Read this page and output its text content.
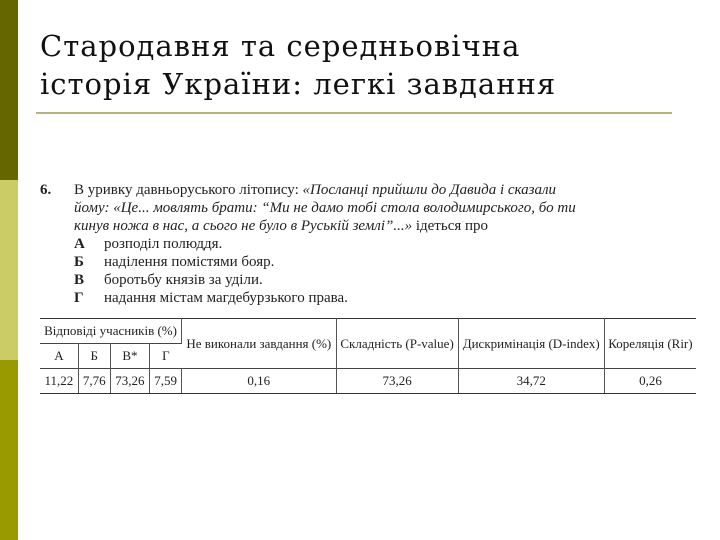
Стародавня та середньовічна
історія України: легкі завдання
6.	В уривку давньоруського літопису: «Посланці прийшли до Давида і сказали
йому: «Це... мовлять брати: “Ми не дамо тобі стола володимирського, бо ти
кинув ножа в нас, а сього не було в Руській землі”...» ідеться про
А	розподіл полюддя.
Б	наділення помістями бояр.
В	боротьбу князів за уділи.
Г	надання містам магдебурзького права.
Відповіді учасників (%)				Не виконали завдання (%)	Складність (P-value)	Дискримінація (D-index)	Кореляція (Rir)
А	Б	В*	Г				
11,22	7,76	73,26	7,59	0,16	73,26	34,72	0,26
